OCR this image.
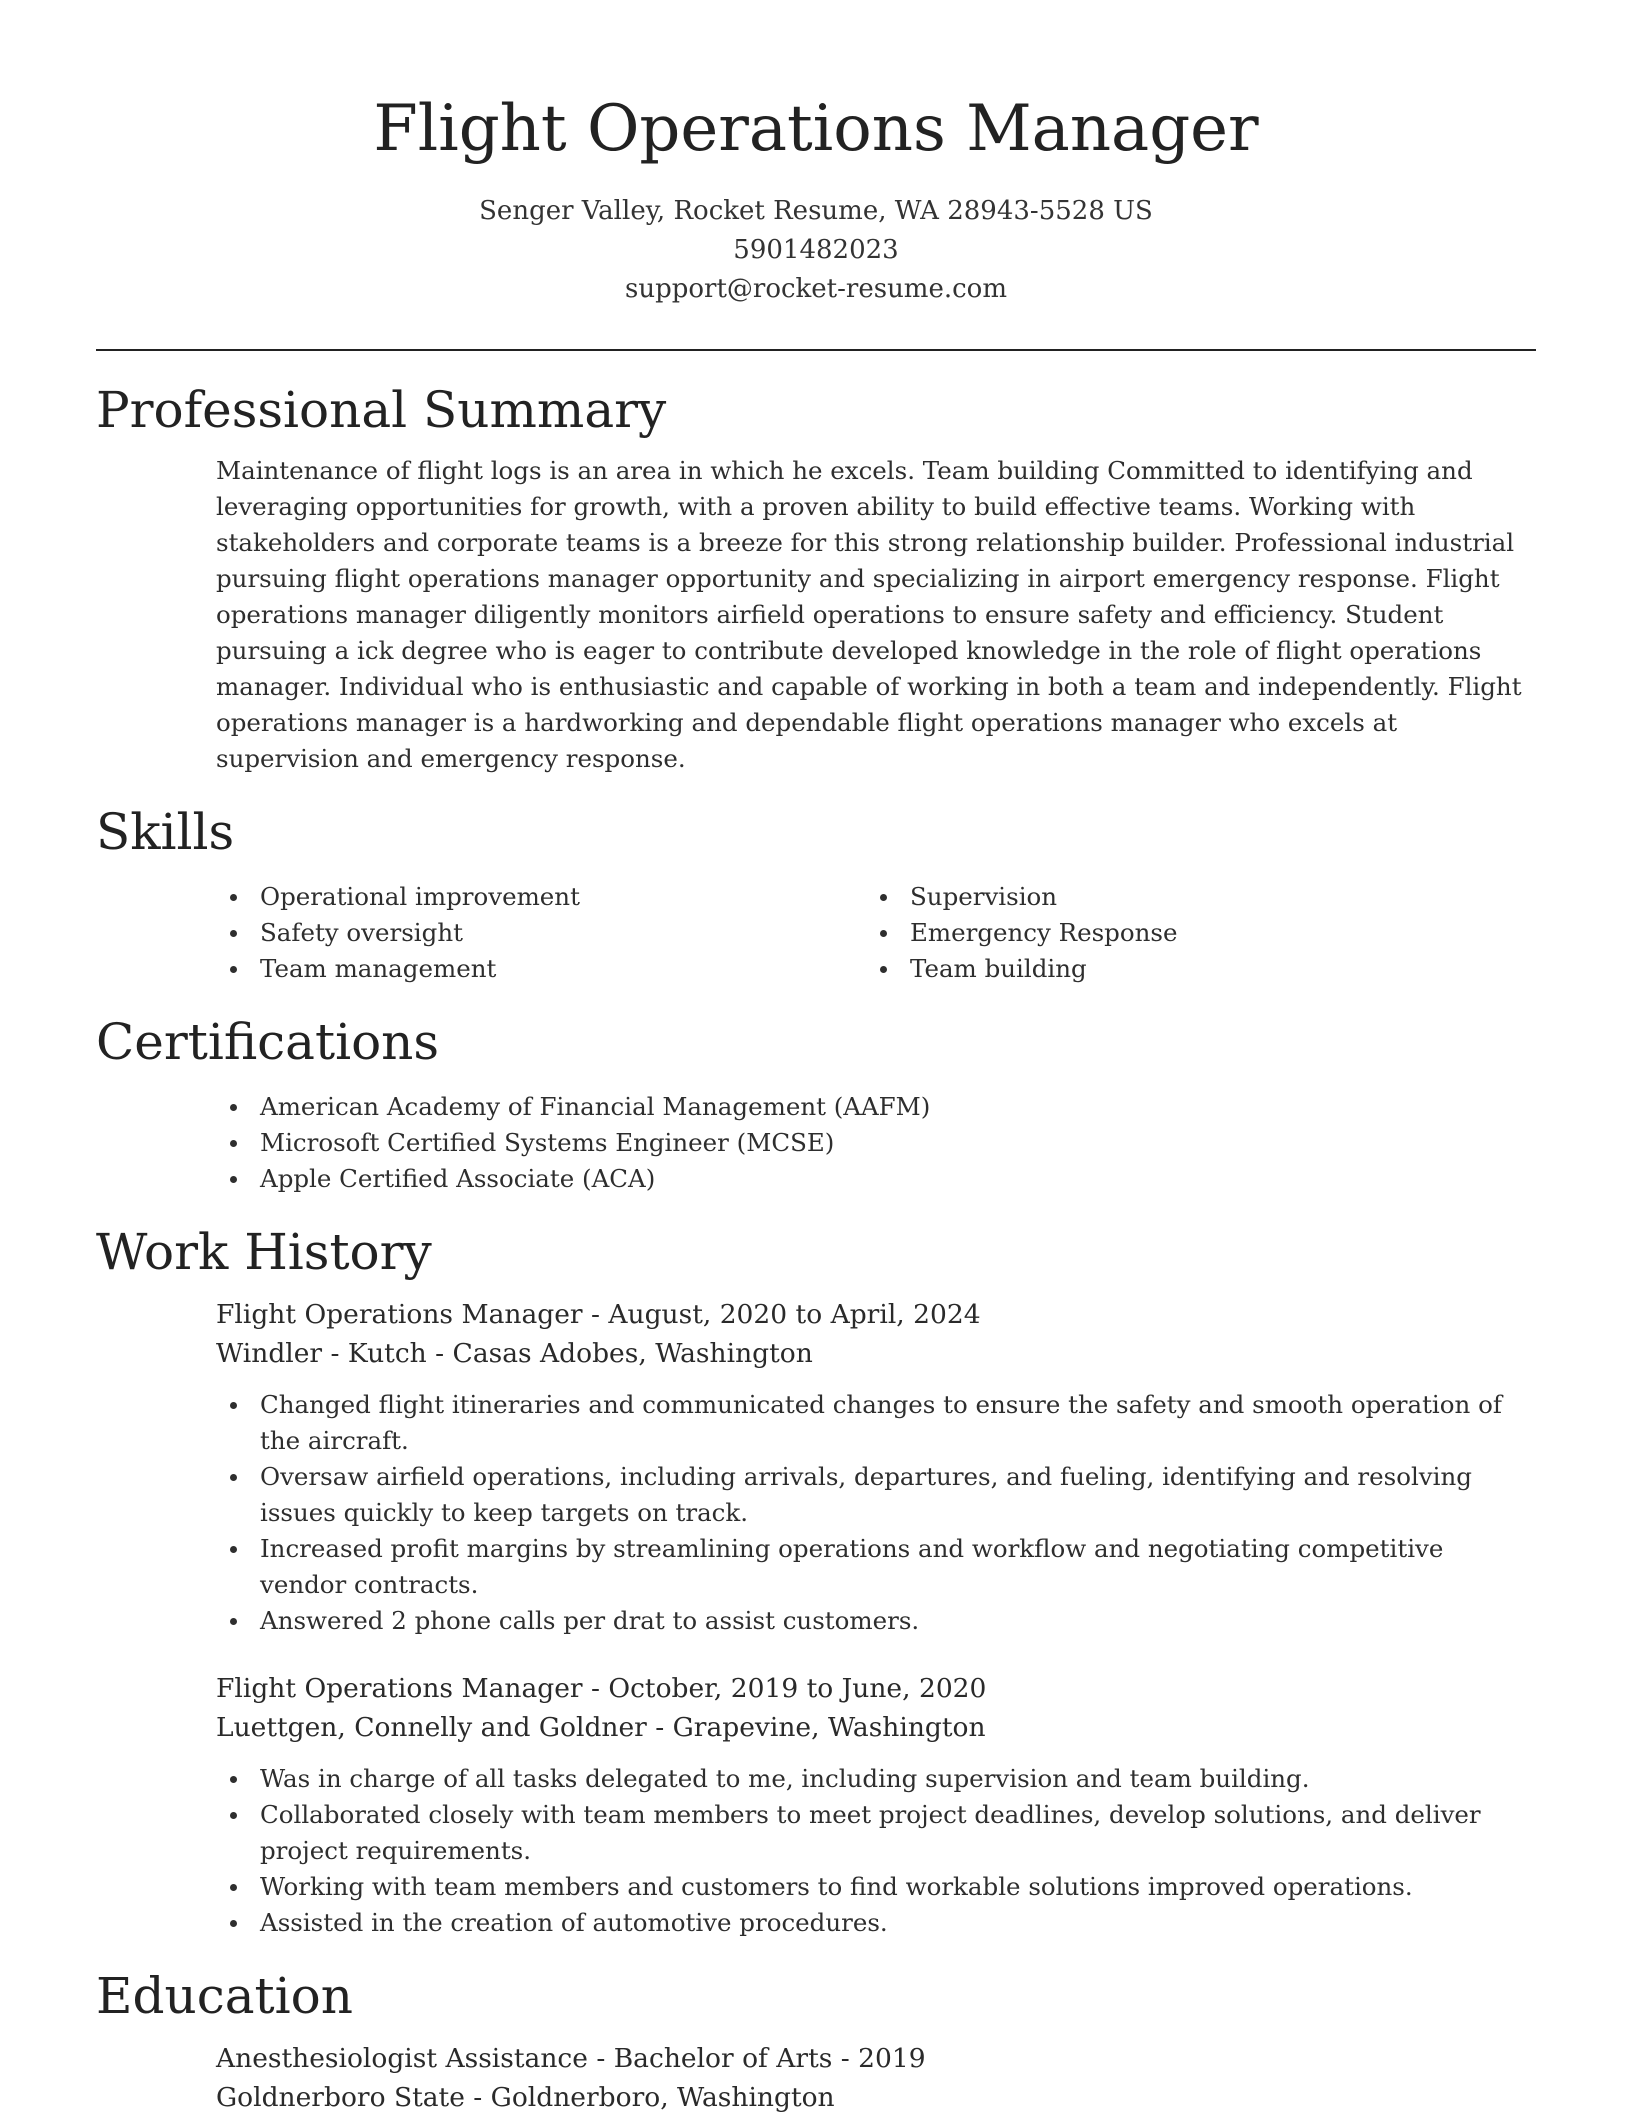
Flight Operations Manager
Senger Valley, Rocket Resume, WA 28943-5528 US
5901482023
support@rocket-resume.com
Professional Summary

Maintenance of flight logs is an area in which he excels. Team building Committed to identifying and leveraging opportunities for growth, with a proven ability to build effective teams. Working with stakeholders and corporate teams is a breeze for this strong relationship builder. Professional industrial pursuing flight operations manager opportunity and specializing in airport emergency response. Flight operations manager diligently monitors airfield operations to ensure safety and efficiency. Student pursuing a ick degree who is eager to contribute developed knowledge in the role of flight operations manager. Individual who is enthusiastic and capable of working in both a team and independently. Flight operations manager is a hardworking and dependable flight operations manager who excels at supervision and emergency response.

Skills
Operational improvement
Safety oversight
Team management
Supervision
Emergency Response
Team building
Certifications
American Academy of Financial Management (AAFM)
Microsoft Certified Systems Engineer (MCSE)
Apple Certified Associate (ACA)
Work History
Flight Operations Manager - August, 2020 to April, 2024
Windler - Kutch - Casas Adobes, Washington
Changed flight itineraries and communicated changes to ensure the safety and smooth operation of the aircraft.
Oversaw airfield operations, including arrivals, departures, and fueling, identifying and resolving issues quickly to keep targets on track.
Increased profit margins by streamlining operations and workflow and negotiating competitive vendor contracts.
Answered 2 phone calls per drat to assist customers.
Flight Operations Manager - October, 2019 to June, 2020
Luettgen, Connelly and Goldner - Grapevine, Washington
Was in charge of all tasks delegated to me, including supervision and team building.
Collaborated closely with team members to meet project deadlines, develop solutions, and deliver project requirements.
Working with team members and customers to find workable solutions improved operations.
Assisted in the creation of automotive procedures.
Education
Anesthesiologist Assistance - Bachelor of Arts - 2019
Goldnerboro State - Goldnerboro, Washington
